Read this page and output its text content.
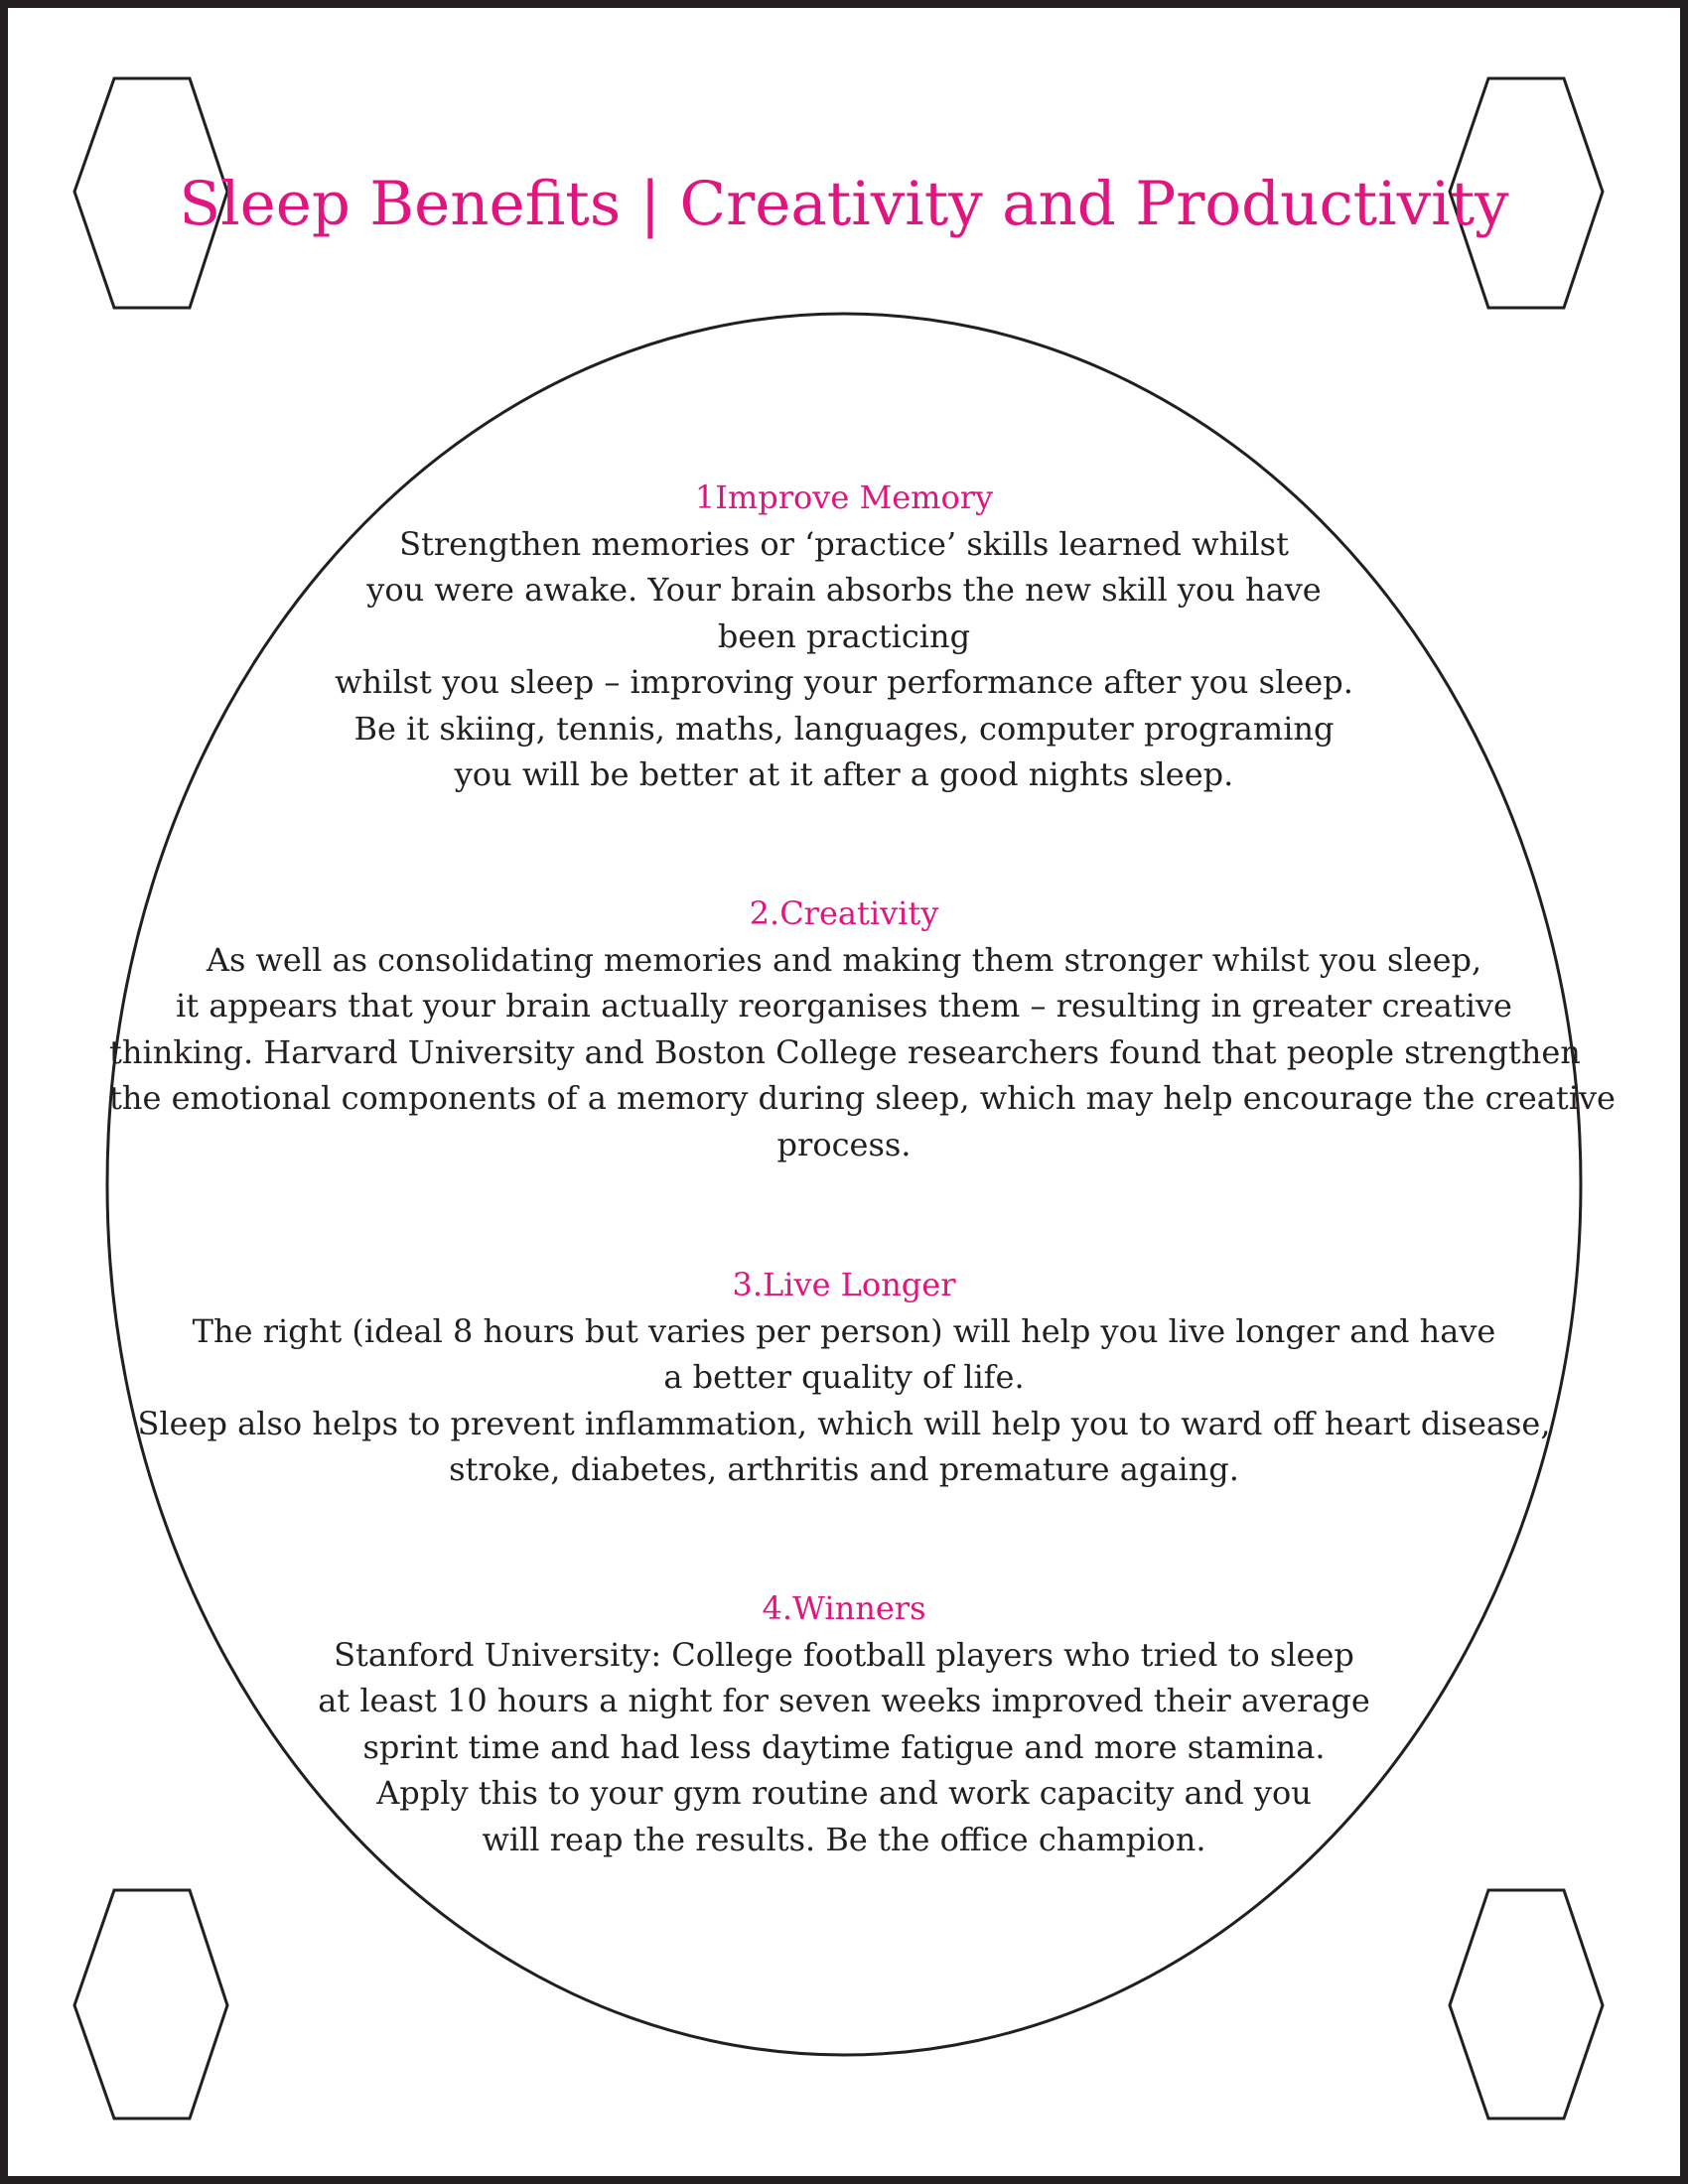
Sleep Benefits | Creativity and Productivity
1Improve Memory
Strengthen memories or ‘practice’ skills learned whilst
you were awake. Your brain absorbs the new skill you have
been practicing
whilst you sleep – improving your performance after you sleep.
Be it skiing, tennis, maths, languages, computer programing
you will be better at it after a good nights sleep.
2.Creativity
As well as consolidating memories and making them stronger whilst you sleep,
it appears that your brain actually reorganises them – resulting in greater creative
thinking. Harvard University and Boston College researchers found that people strengthen
the emotional components of a memory during sleep, which may help encourage the creative
process.
3.Live Longer
The right (ideal 8 hours but varies per person) will help you live longer and have
a better quality of life.
Sleep also helps to prevent inflammation, which will help you to ward off heart disease,
stroke, diabetes, arthritis and premature againg.
4.Winners
Stanford University: College football players who tried to sleep
at least 10 hours a night for seven weeks improved their average
sprint time and had less daytime fatigue and more stamina.
Apply this to your gym routine and work capacity and you
will reap the results. Be the office champion.
